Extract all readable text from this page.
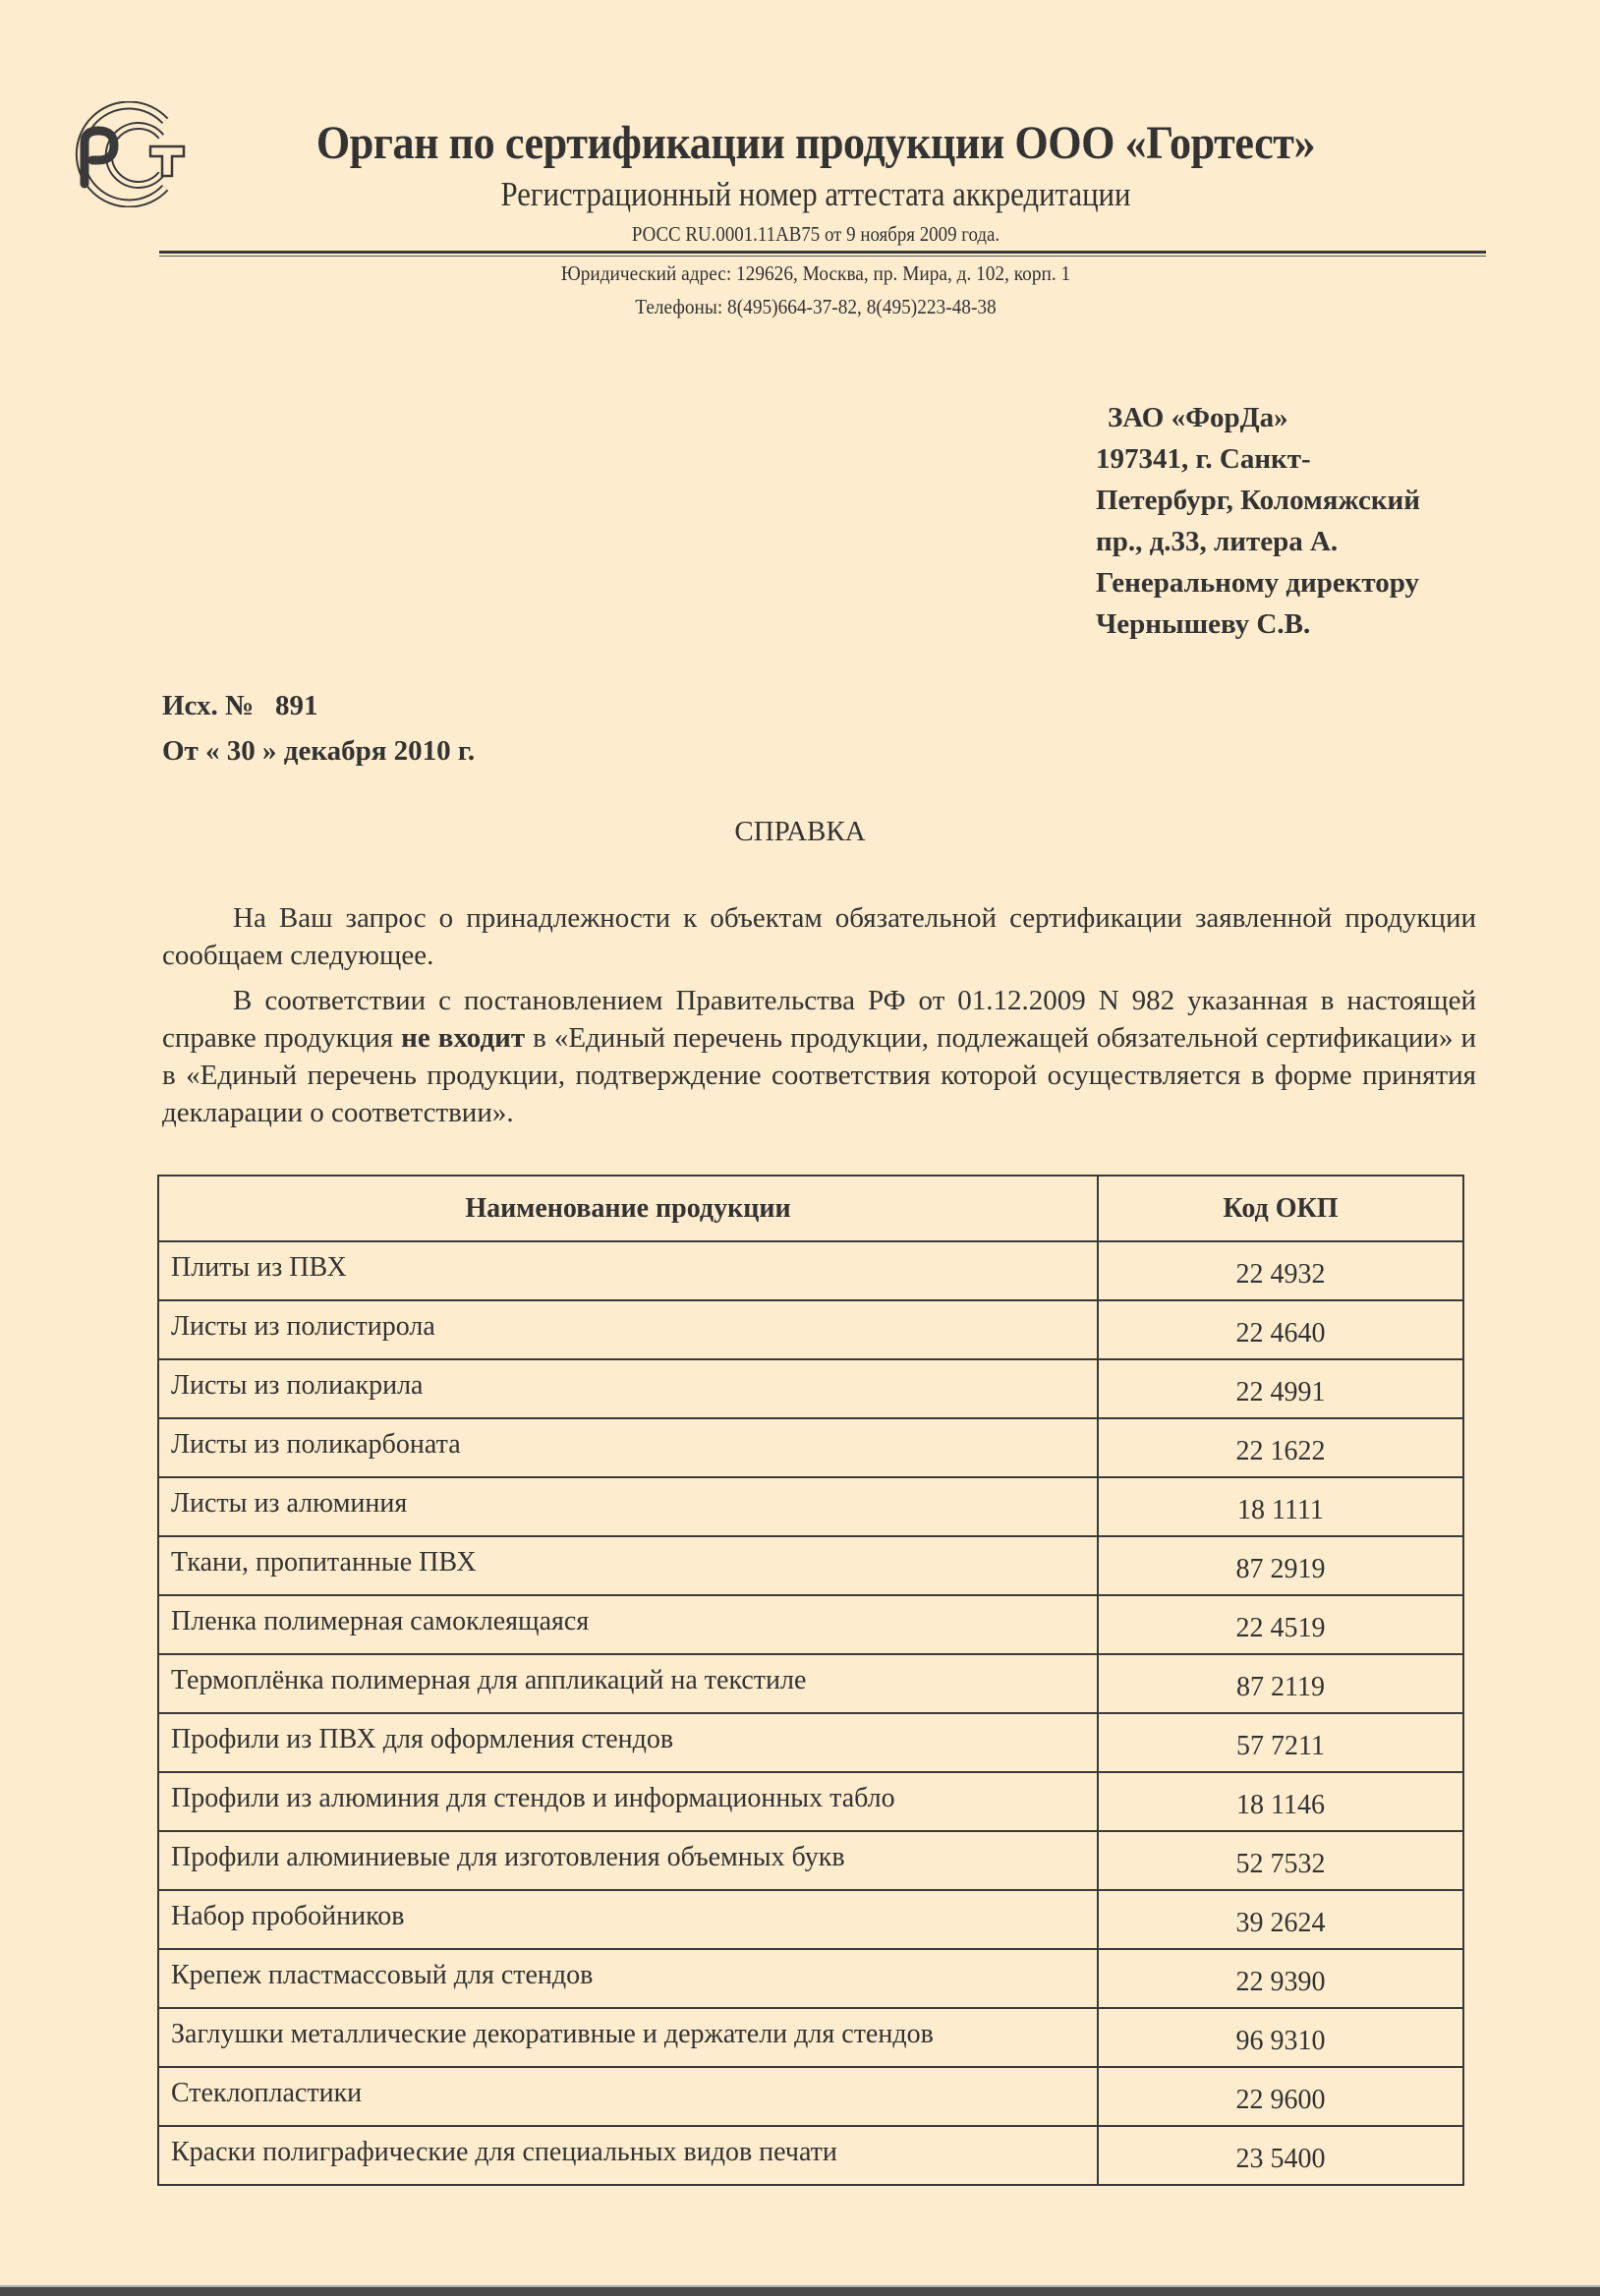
Орган по сертификации продукции ООО «Гортест»
Регистрационный номер аттестата аккредитации
РОСС RU.0001.11АВ75 от 9 ноября 2009 года.
Юридический адрес: 129626, Москва, пр. Мира, д. 102, корп. 1
Телефоны: 8(495)664-37-82, 8(495)223-48-38
ЗАО «ФорДа»
197341, г. Санкт-
Петербург, Коломяжский
пр., д.33, литера А.
Генеральному директору
Чернышеву С.В.
Исх. №   891
От « 30 » декабря 2010 г.
СПРАВКА

На Ваш запрос о принадлежности к объектам обязательной сертификации заявленной продукции сообщаем следующее.

В соответствии с постановлением Правительства РФ от 01.12.2009 N 982 указанная в настоящей справке продукция не входит в «Единый перечень продукции, подлежащей обязательной сертификации» и в «Единый перечень продукции, подтверждение соответствия которой осуществляется в форме принятия декларации о соответствии».

Наименование продукции	Код ОКП
Плиты из ПВХ	22 4932
Листы из полистирола	22 4640
Листы из полиакрила	22 4991
Листы из поликарбоната	22 1622
Листы из алюминия	18 1111
Ткани, пропитанные ПВХ	87 2919
Пленка полимерная самоклеящаяся	22 4519
Термоплёнка полимерная для аппликаций на текстиле	87 2119
Профили из ПВХ для оформления стендов	57 7211
Профили из алюминия для стендов и информационных табло	18 1146
Профили алюминиевые для изготовления объемных букв	52 7532
Набор пробойников	39 2624
Крепеж пластмассовый для стендов	22 9390
Заглушки металлические декоративные и держатели для стендов	96 9310
Стеклопластики	22 9600
Краски полиграфические для специальных видов печати	23 5400
